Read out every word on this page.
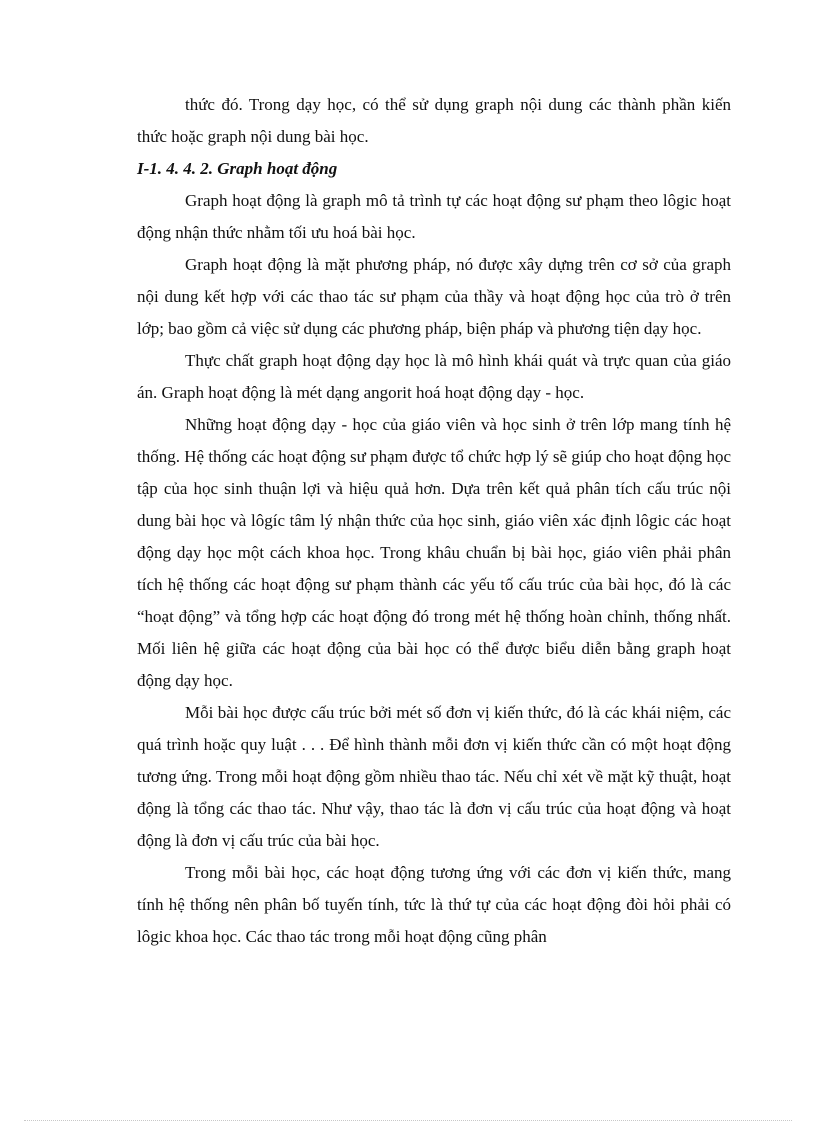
thức đó. Trong dạy học, có thể sử dụng graph nội dung các thành phần kiến thức hoặc graph nội dung bài học.

I-1. 4. 4. 2. Graph hoạt động

Graph hoạt động là graph mô tả trình tự các hoạt động sư phạm theo lôgic hoạt động nhận thức nhằm tối ưu hoá bài học.

Graph hoạt động là mặt phương pháp, nó được xây dựng trên cơ sở của graph nội dung kết hợp với các thao tác sư phạm của thầy và hoạt động học của trò ở trên lớp; bao gồm cả việc sử dụng các phương pháp, biện pháp và phương tiện dạy học.

Thực chất graph hoạt động dạy học là mô hình khái quát và trực quan của giáo án. Graph hoạt động là mét dạng angorit hoá hoạt động dạy - học.

Những hoạt động dạy - học của giáo viên và học sinh ở trên lớp mang tính hệ thống. Hệ thống các hoạt động sư phạm được tổ chức hợp lý sẽ giúp cho hoạt động học tập của học sinh thuận lợi và hiệu quả hơn. Dựa trên kết quả phân tích cấu trúc nội dung bài học và lôgíc tâm lý nhận thức của học sinh, giáo viên xác định lôgic các hoạt động dạy học một cách khoa học. Trong khâu chuẩn bị bài học, giáo viên phải phân tích hệ thống các hoạt động sư phạm thành các yếu tố cấu trúc của bài học, đó là các “hoạt động” và tổng hợp các hoạt động đó trong mét hệ thống hoàn chỉnh, thống nhất. Mối liên hệ giữa các hoạt động của bài học có thể được biểu diễn bằng graph hoạt động dạy học.

Mỗi bài học được cấu trúc bởi mét số đơn vị kiến thức, đó là các khái niệm, các quá trình hoặc quy luật . . . Để hình thành mỗi đơn vị kiến thức cần có một hoạt động tương ứng. Trong mỗi hoạt động gồm nhiều thao tác. Nếu chỉ xét về mặt kỹ thuật, hoạt động là tổng các thao tác. Như vậy, thao tác là đơn vị cấu trúc của hoạt động và hoạt động là đơn vị cấu trúc của bài học.

Trong mỗi bài học, các hoạt động tương ứng với các đơn vị kiến thức, mang tính hệ thống nên phân bố tuyến tính, tức là thứ tự của các hoạt động đòi hỏi phải có lôgic khoa học. Các thao tác trong mỗi hoạt động cũng phân
